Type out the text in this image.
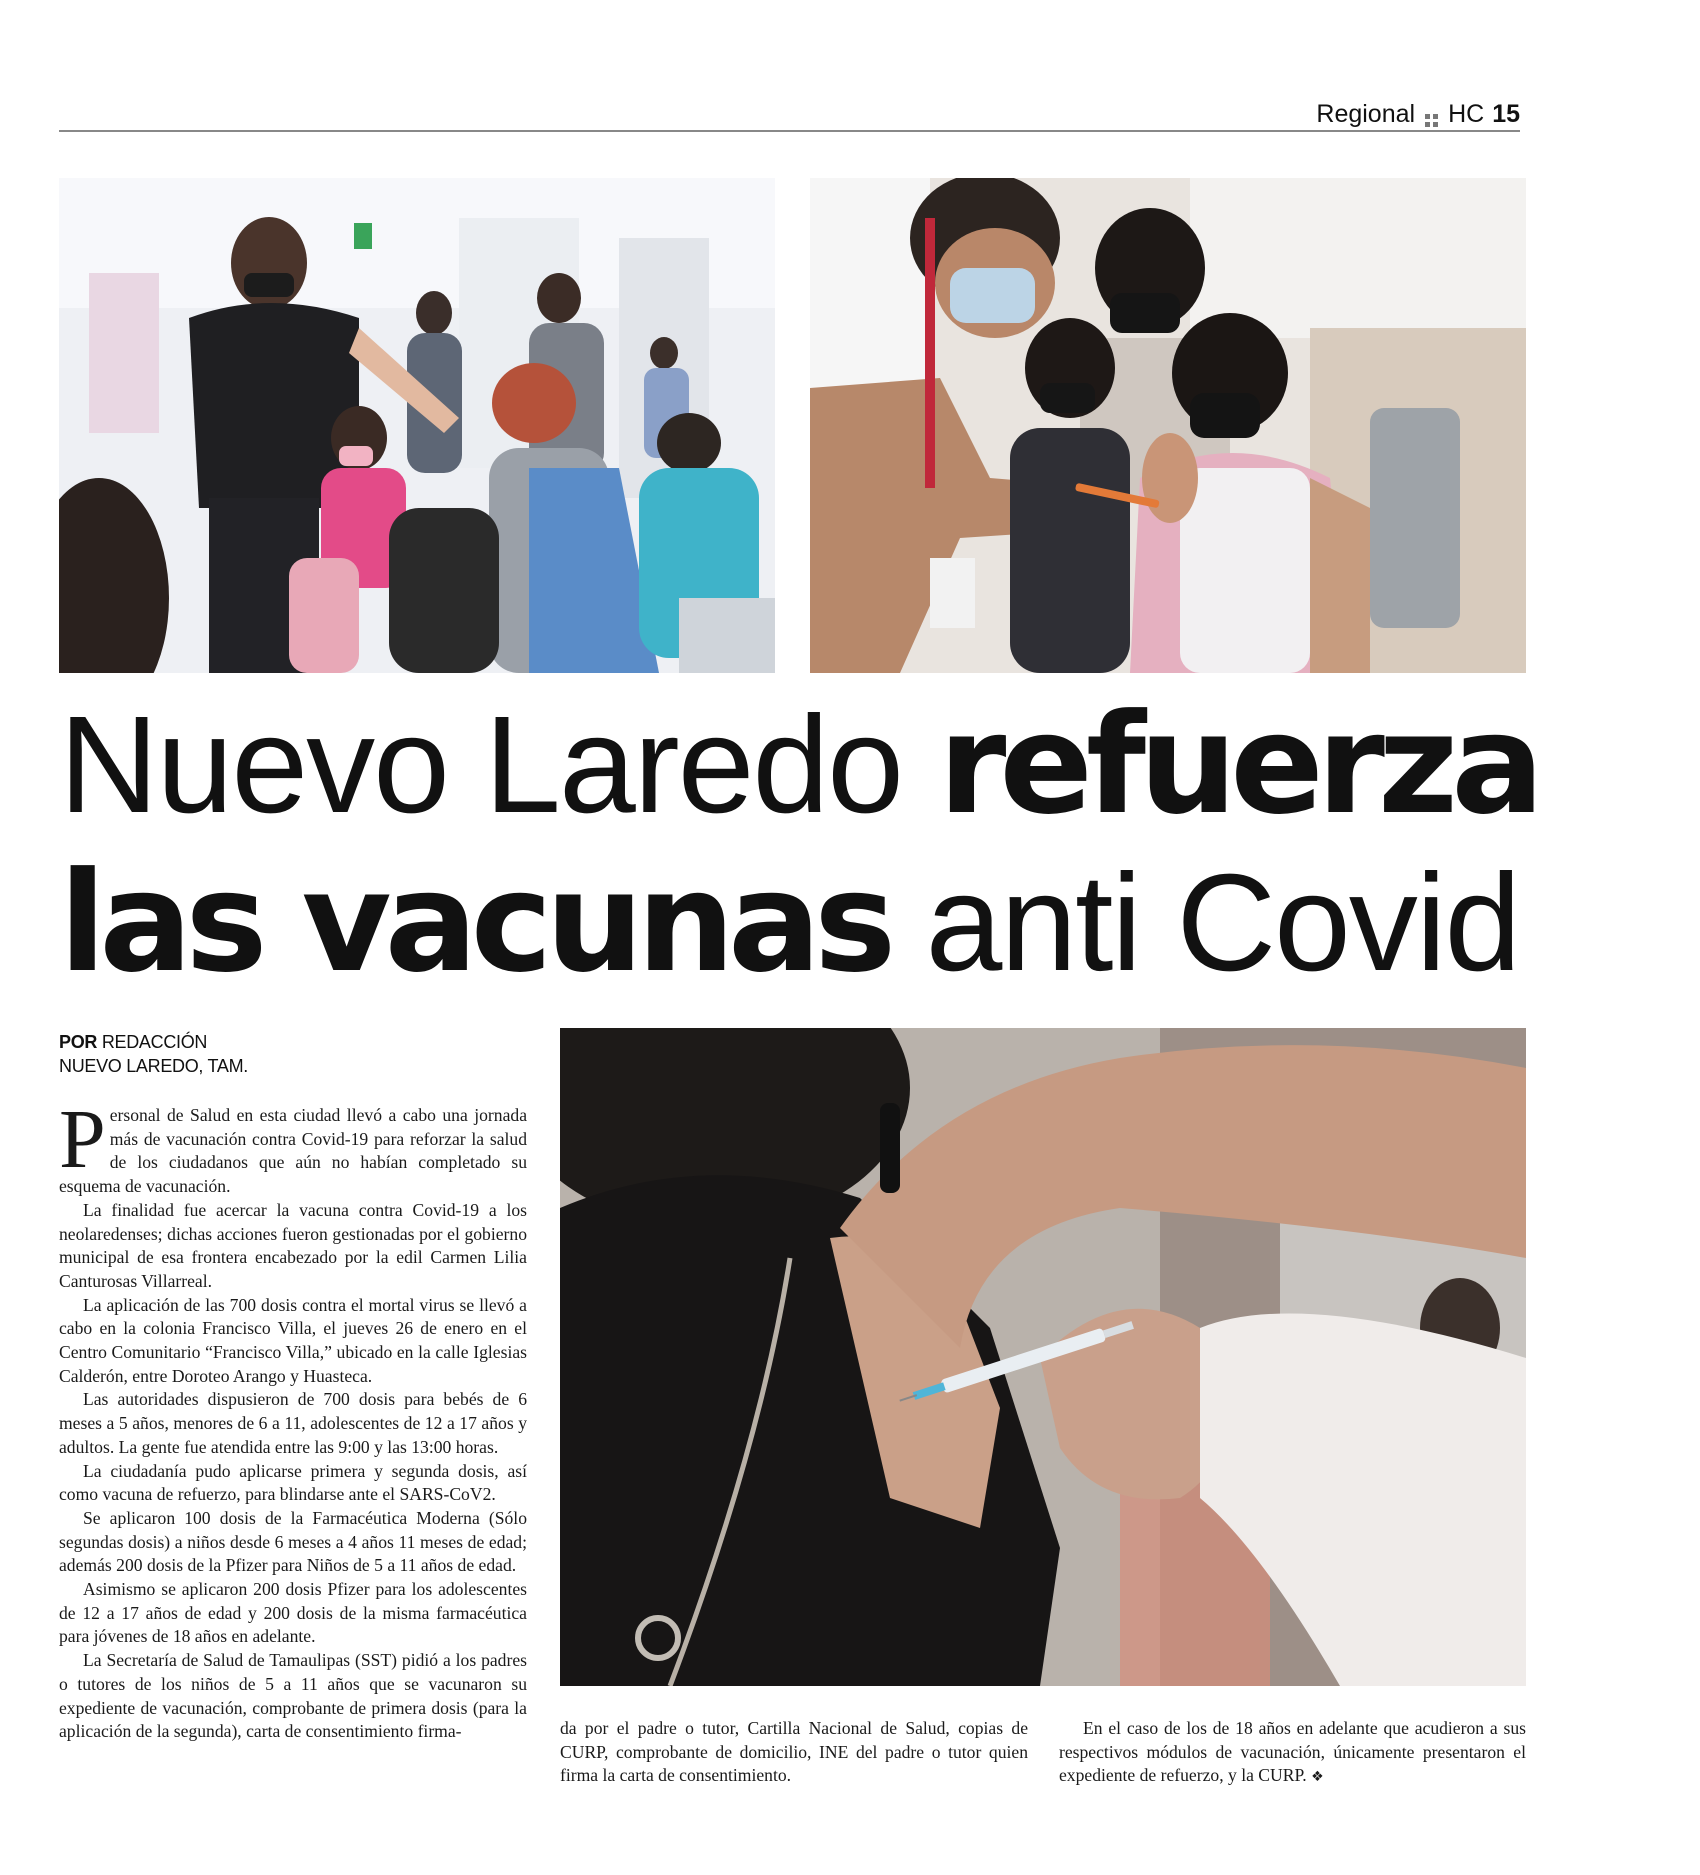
Regional HC 15
Nuevo Laredo refuerza las vacunas anti Covid
POR REDACCIÓN
NUEVO LAREDO, TAM.

Personal de Salud en esta ciudad llevó a cabo una jornada más de vacunación contra Covid-19 para reforzar la salud de los ciudadanos que aún no habían completado su esquema de vacunación.

La finalidad fue acercar la vacuna contra Covid-19 a los neolaredenses; dichas acciones fueron gestionadas por el gobierno municipal de esa frontera encabezado por la edil Carmen Lilia Canturosas Villarreal.

La aplicación de las 700 dosis contra el mortal virus se llevó a cabo en la colonia Francisco Villa, el jueves 26 de enero en el Centro Comunitario “Francisco Villa,” ubicado en la calle Iglesias Calderón, entre Doroteo Arango y Huasteca.

Las autoridades dispusieron de 700 dosis para bebés de 6 meses a 5 años, menores de 6 a 11, adolescentes de 12 a 17 años y adultos. La gente fue atendida entre las 9:00 y las 13:00 horas.

La ciudadanía pudo aplicarse primera y segunda dosis, así como vacuna de refuerzo, para blindarse ante el SARS-CoV2.

Se aplicaron 100 dosis de la Farmacéutica Moderna (Sólo segundas dosis) a niños desde 6 meses a 4 años 11 meses de edad; además 200 dosis de la Pfizer para Niños de 5 a 11 años de edad.

Asimismo se aplicaron 200 dosis Pfizer para los adolescentes de 12 a 17 años de edad y 200 dosis de la misma farmacéutica para jóvenes de 18 años en adelante.

La Secretaría de Salud de Tamaulipas (SST) pidió a los padres o tutores de los niños de 5 a 11 años que se vacunaron su expediente de vacunación, comprobante de primera dosis (para la aplicación de la segunda), carta de consentimiento firma-	da por el padre o tutor, Cartilla Nacional de Salud, copias de CURP, comprobante de domicilio, INE del padre o tutor quien firma la carta de consentimiento.

En el caso de los de 18 años en adelante que acudieron a sus respectivos módulos de vacunación, únicamente presentaron el expediente de refuerzo, y la CURP. ❖
